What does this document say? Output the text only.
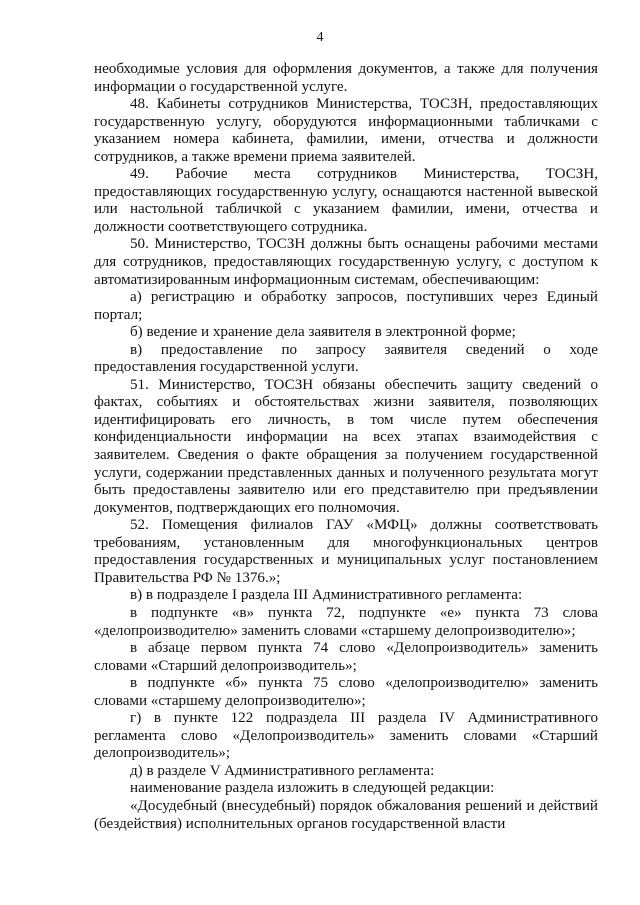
4

необходимые условия для оформления документов, а также для получения информации о государственной услуге.

48. Кабинеты сотрудников Министерства, ТОСЗН, предоставляющих государственную услугу, оборудуются информационными табличками с указанием номера кабинета, фамилии, имени, отчества и должности сотрудников, а также времени приема заявителей.

49. Рабочие места сотрудников Министерства, ТОСЗН, предоставляющих государственную услугу, оснащаются настенной вывеской или настольной табличкой с указанием фамилии, имени, отчества и должности соответствующего сотрудника.

50. Министерство, ТОСЗН должны быть оснащены рабочими местами для сотрудников, предоставляющих государственную услугу, с доступом к автоматизированным информационным системам, обеспечивающим:

а) регистрацию и обработку запросов, поступивших через Единый портал;

б) ведение и хранение дела заявителя в электронной форме;

в) предоставление по запросу заявителя сведений о ходе предоставления государственной услуги.

51. Министерство, ТОСЗН обязаны обеспечить защиту сведений о фактах, событиях и обстоятельствах жизни заявителя, позволяющих идентифицировать его личность, в том числе путем обеспечения конфиденциальности информации на всех этапах взаимодействия с заявителем. Сведения о факте обращения за получением государственной услуги, содержании представленных данных и полученного результата могут быть предоставлены заявителю или его представителю при предъявлении документов, подтверждающих его полномочия.

52. Помещения филиалов ГАУ «МФЦ» должны соответствовать требованиям, установленным для многофункциональных центров предоставления государственных и муниципальных услуг постановлением Правительства РФ № 1376.»;

в) в подразделе I раздела III Административного регламента:

в подпункте «в» пункта 72, подпункте «е» пункта 73 слова «делопроизводителю» заменить словами «старшему делопроизводителю»;

в абзаце первом пункта 74 слово «Делопроизводитель» заменить словами «Старший делопроизводитель»;

в подпункте «б» пункта 75 слово «делопроизводителю» заменить словами «старшему делопроизводителю»;

г) в пункте 122 подраздела III раздела IV Административного регламента слово «Делопроизводитель» заменить словами «Старший делопроизводитель»;

д) в разделе V Административного регламента:

наименование раздела изложить в следующей редакции:

«Досудебный (внесудебный) порядок обжалования решений и действий (бездействия) исполнительных органов государственной власти
